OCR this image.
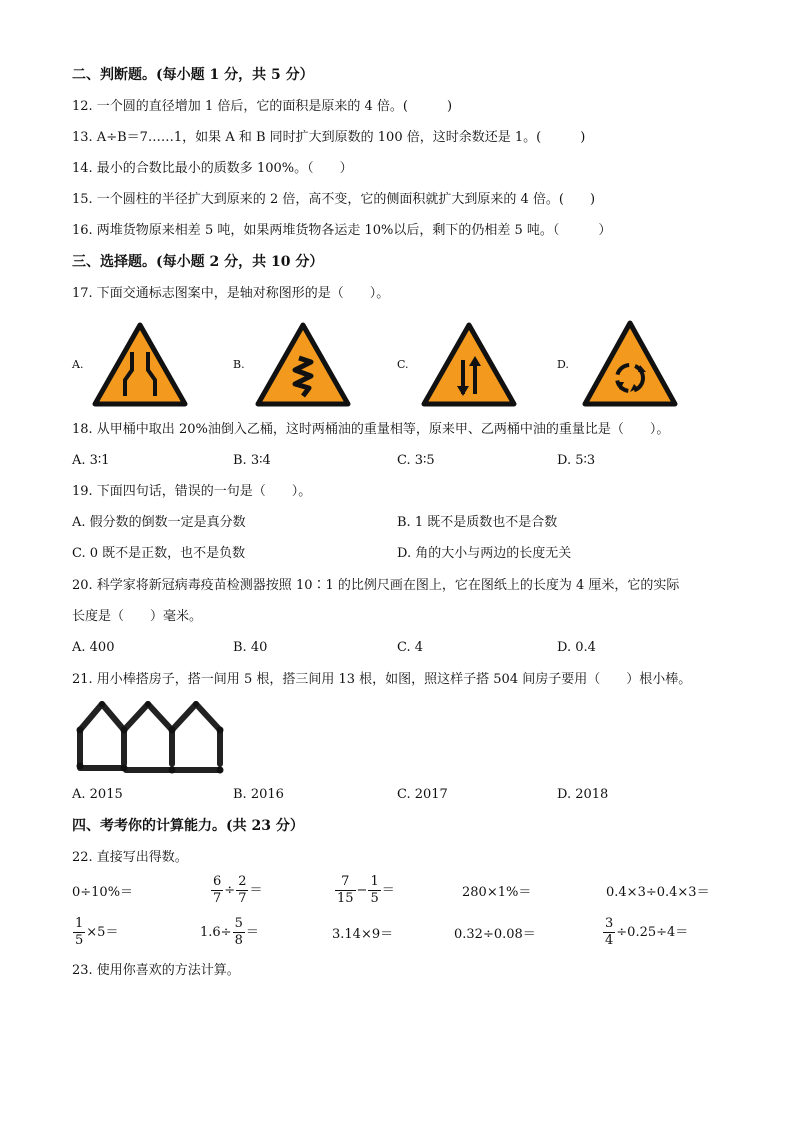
二、判断题。(每小题 1 分，共 5 分）
12. 一个圆的直径增加 1 倍后，它的面积是原来的 4 倍。(　　　)
13. A÷B＝7……1，如果 A 和 B 同时扩大到原数的 100 倍，这时余数还是 1。(　　　)
14. 最小的合数比最小的质数多 100%。（　　）
15. 一个圆柱的半径扩大到原来的 2 倍，高不变，它的侧面积就扩大到原来的 4 倍。(　　)
16. 两堆货物原来相差 5 吨，如果两堆货物各运走 10%以后，剩下的仍相差 5 吨。（　　　）
三、选择题。(每小题 2 分，共 10 分）
17. 下面交通标志图案中，是轴对称图形的是（　　）。
A.	B.	C.	D.
18. 从甲桶中取出 20%油倒入乙桶，这时两桶油的重量相等，原来甲、乙两桶中油的重量比是（　　）。
A. 3∶1	B. 3∶4	C. 3∶5	D. 5∶3
19. 下面四句话，错误的一句是（　　）。
A. 假分数的倒数一定是真分数	B. 1 既不是质数也不是合数
C. 0 既不是正数，也不是负数	D. 角的大小与两边的长度无关
20. 科学家将新冠病毒疫苗检测器按照 10∶1 的比例尺画在图上，它在图纸上的长度为 4 厘米，它的实际
长度是（　　）毫米。
A. 400	B. 40	C. 4	D. 0.4
21. 用小棒搭房子，搭一间用 5 根，搭三间用 13 根，如图，照这样子搭 504 间房子要用（　　）根小棒。
A. 2015	B. 2016	C. 2017	D. 2018
四、考考你的计算能力。(共 23 分）
22. 直接写出得数。
0÷10%＝	$\frac{6}{7} \div \frac{2}{7}$ ＝	$\frac{7}{15} - \frac{1}{5}$ ＝	280×1%＝	0.4×3÷0.4×3＝
$\frac{1}{5} \times 5=$	$1.6\div \frac{5}{8}$ ＝	3.14×9＝	0.32÷0.08＝	$\frac{3}{4} \div 0.25\div 4=$
23. 使用你喜欢的方法计算。
